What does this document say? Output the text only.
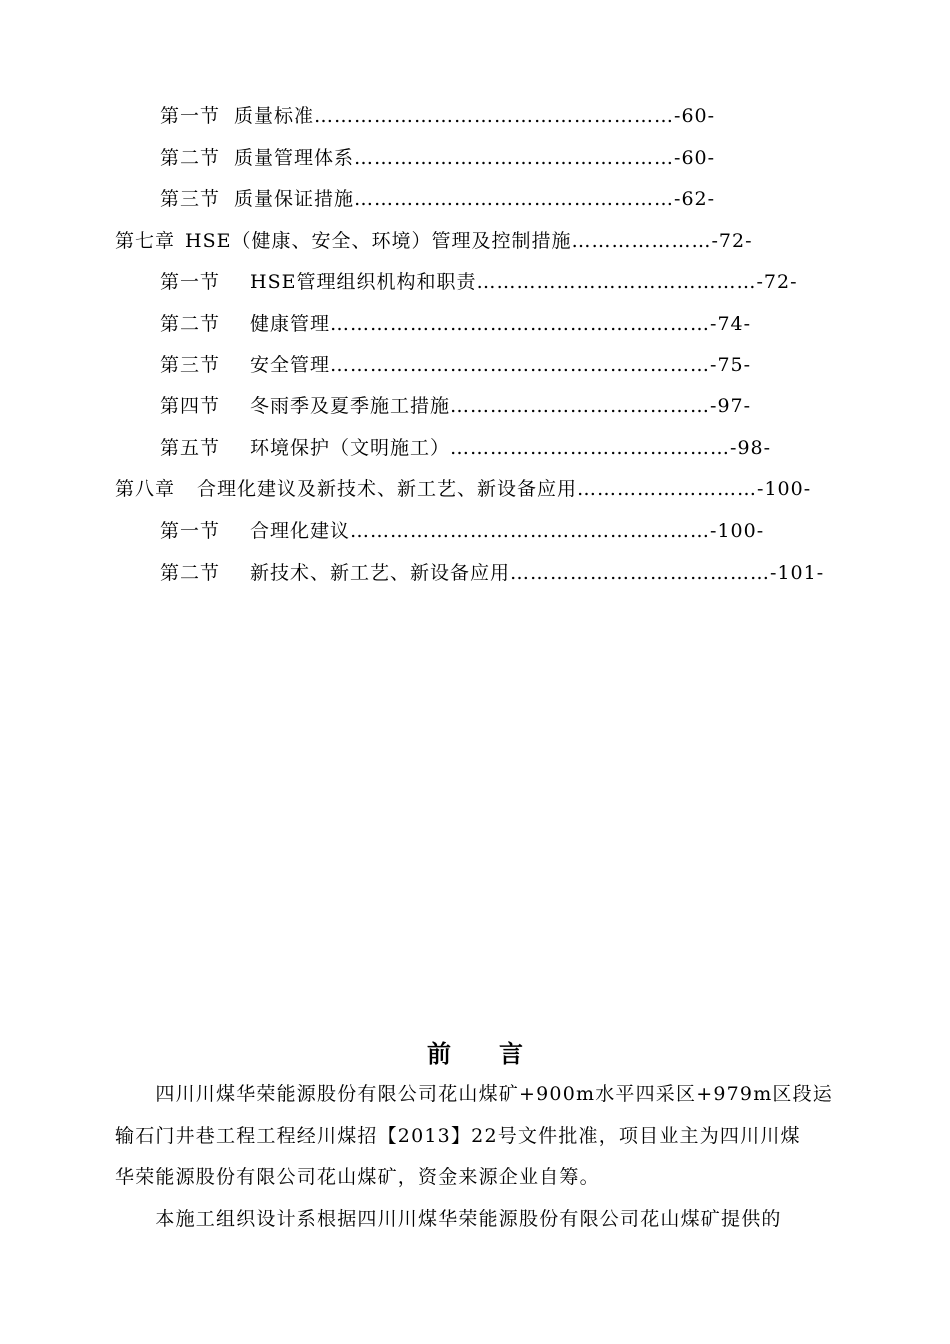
第一节 质量标准………………………………………………-60-
第二节 质量管理体系…………………………………………-60-
第三节 质量保证措施…………………………………………-62-
第七章 HSE（健康、安全、环境）管理及控制措施…………………-72-
第一节 HSE管理组织机构和职责……………………………………-72-
第二节 健康管理…………………………………………………-74-
第三节 安全管理…………………………………………………-75-
第四节 冬雨季及夏季施工措施…………………………………-97-
第五节 环境保护（文明施工）……………………………………-98-
第八章 合理化建议及新技术、新工艺、新设备应用………………………-100-
第一节 合理化建议………………………………………………-100-
第二节 新技术、新工艺、新设备应用…………………………………-101-
前言
　　四川川煤华荣能源股份有限公司花山煤矿+900m水平四采区+979m区段运
输石门井巷工程工程经川煤招【2013】22号文件批准，项目业主为四川川煤
华荣能源股份有限公司花山煤矿，资金来源企业自筹。
　　本施工组织设计系根据四川川煤华荣能源股份有限公司花山煤矿提供的
